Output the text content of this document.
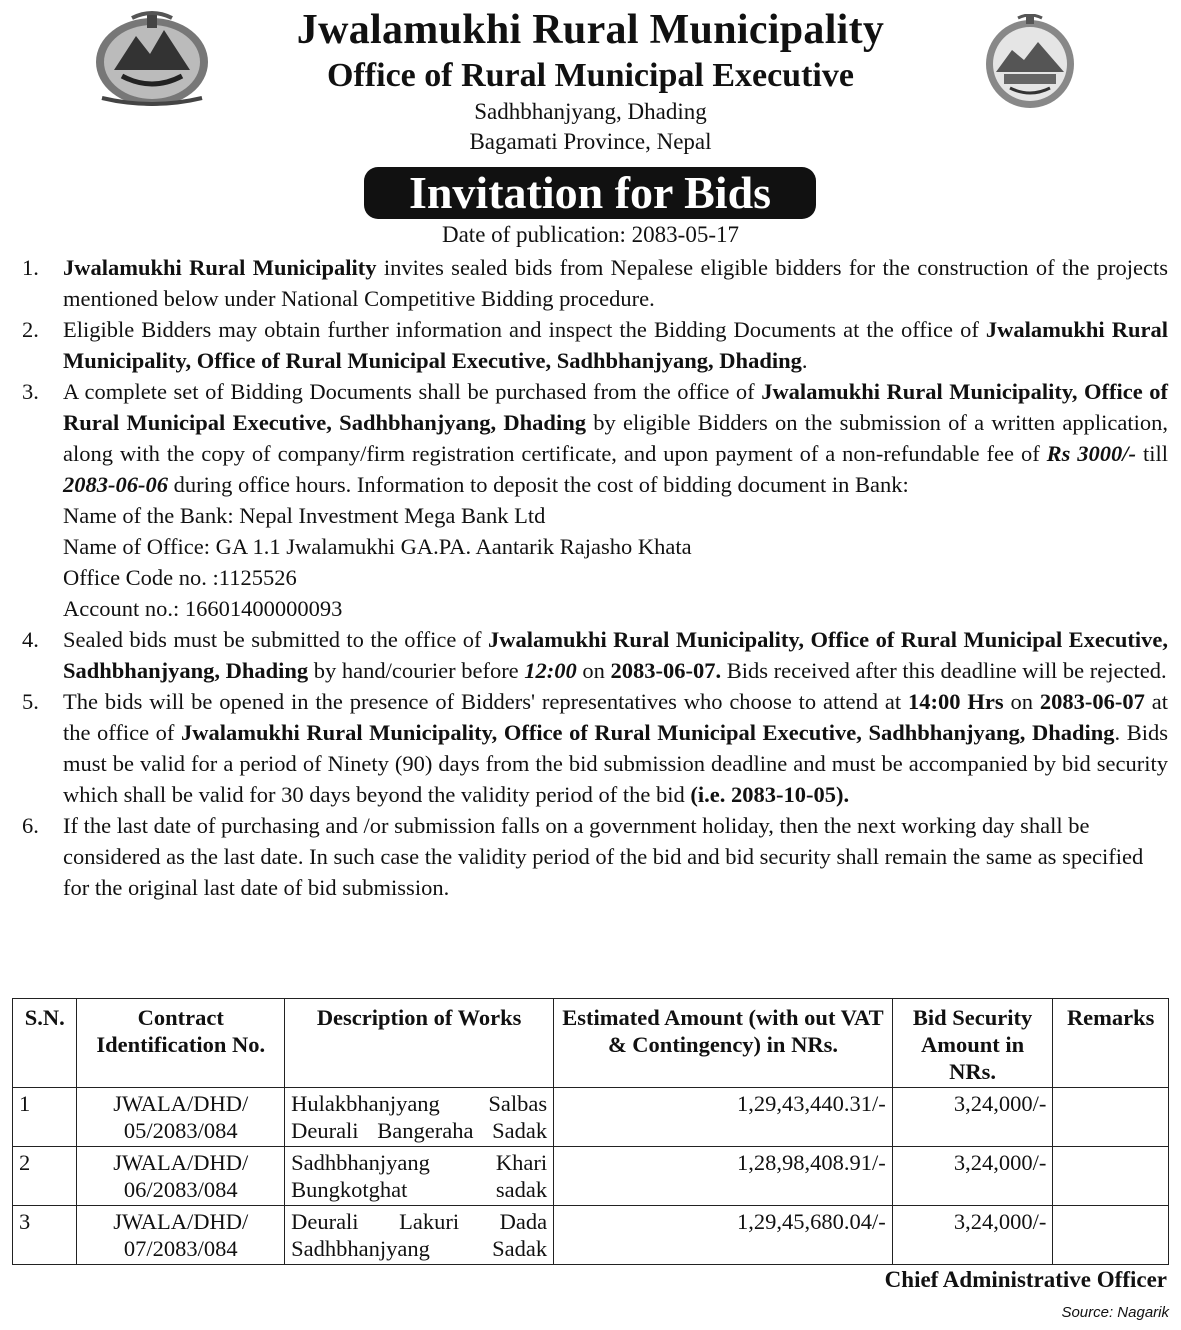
Jwalamukhi Rural Municipality
Office of Rural Municipal Executive
Sadhbhanjyang, Dhading
Bagamati Province, Nepal
Invitation for Bids
Date of publication: 2083-05-17
1. Jwalamukhi Rural Municipality invites sealed bids from Nepalese eligible bidders for the construction of the projects mentioned below under National Competitive Bidding procedure.
2. Eligible Bidders may obtain further information and inspect the Bidding Documents at the office of Jwalamukhi Rural Municipality, Office of Rural Municipal Executive, Sadhbhanjyang, Dhading.
3. A complete set of Bidding Documents shall be purchased from the office of Jwalamukhi Rural Municipality, Office of Rural Municipal Executive, Sadhbhanjyang, Dhading by eligible Bidders on the submission of a written application, along with the copy of company/firm registration certificate, and upon payment of a non-refundable fee of Rs 3000/- till 2083-06-06 during office hours. Information to deposit the cost of bidding document in Bank:
Name of the Bank: Nepal Investment Mega Bank Ltd
Name of Office: GA 1.1 Jwalamukhi GA.PA. Aantarik Rajasho Khata
Office Code no. :1125526
Account no.: 16601400000093
4. Sealed bids must be submitted to the office of Jwalamukhi Rural Municipality, Office of Rural Municipal Executive, Sadhbhanjyang, Dhading by hand/courier before 12:00 on 2083-06-07. Bids received after this deadline will be rejected.
5. The bids will be opened in the presence of Bidders' representatives who choose to attend at 14:00 Hrs on 2083-06-07 at the office of Jwalamukhi Rural Municipality, Office of Rural Municipal Executive, Sadhbhanjyang, Dhading. Bids must be valid for a period of Ninety (90) days from the bid submission deadline and must be accompanied by bid security which shall be valid for 30 days beyond the validity period of the bid (i.e. 2083-10-05).
6. If the last date of purchasing and /or submission falls on a government holiday, then the next working day shall be considered as the last date. In such case the validity period of the bid and bid security shall remain the same as specified for the original last date of bid submission.
S.N.	Contract Identification No.	Description of Works	Estimated Amount (with out VAT & Contingency) in NRs.	Bid Security Amount in NRs.	Remarks
1	JWALA/DHD/ 05/2083/084	Hulakbhanjyang Salbas Deurali Bangeraha Sadak	1,29,43,440.31/-	3,24,000/-	
2	JWALA/DHD/ 06/2083/084	Sadhbhanjyang Khari Bungkotghat sadak	1,28,98,408.91/-	3,24,000/-	
3	JWALA/DHD/ 07/2083/084	Deurali Lakuri Dada Sadhbhanjyang Sadak	1,29,45,680.04/-	3,24,000/-	
Chief Administrative Officer
Source: Nagarik
